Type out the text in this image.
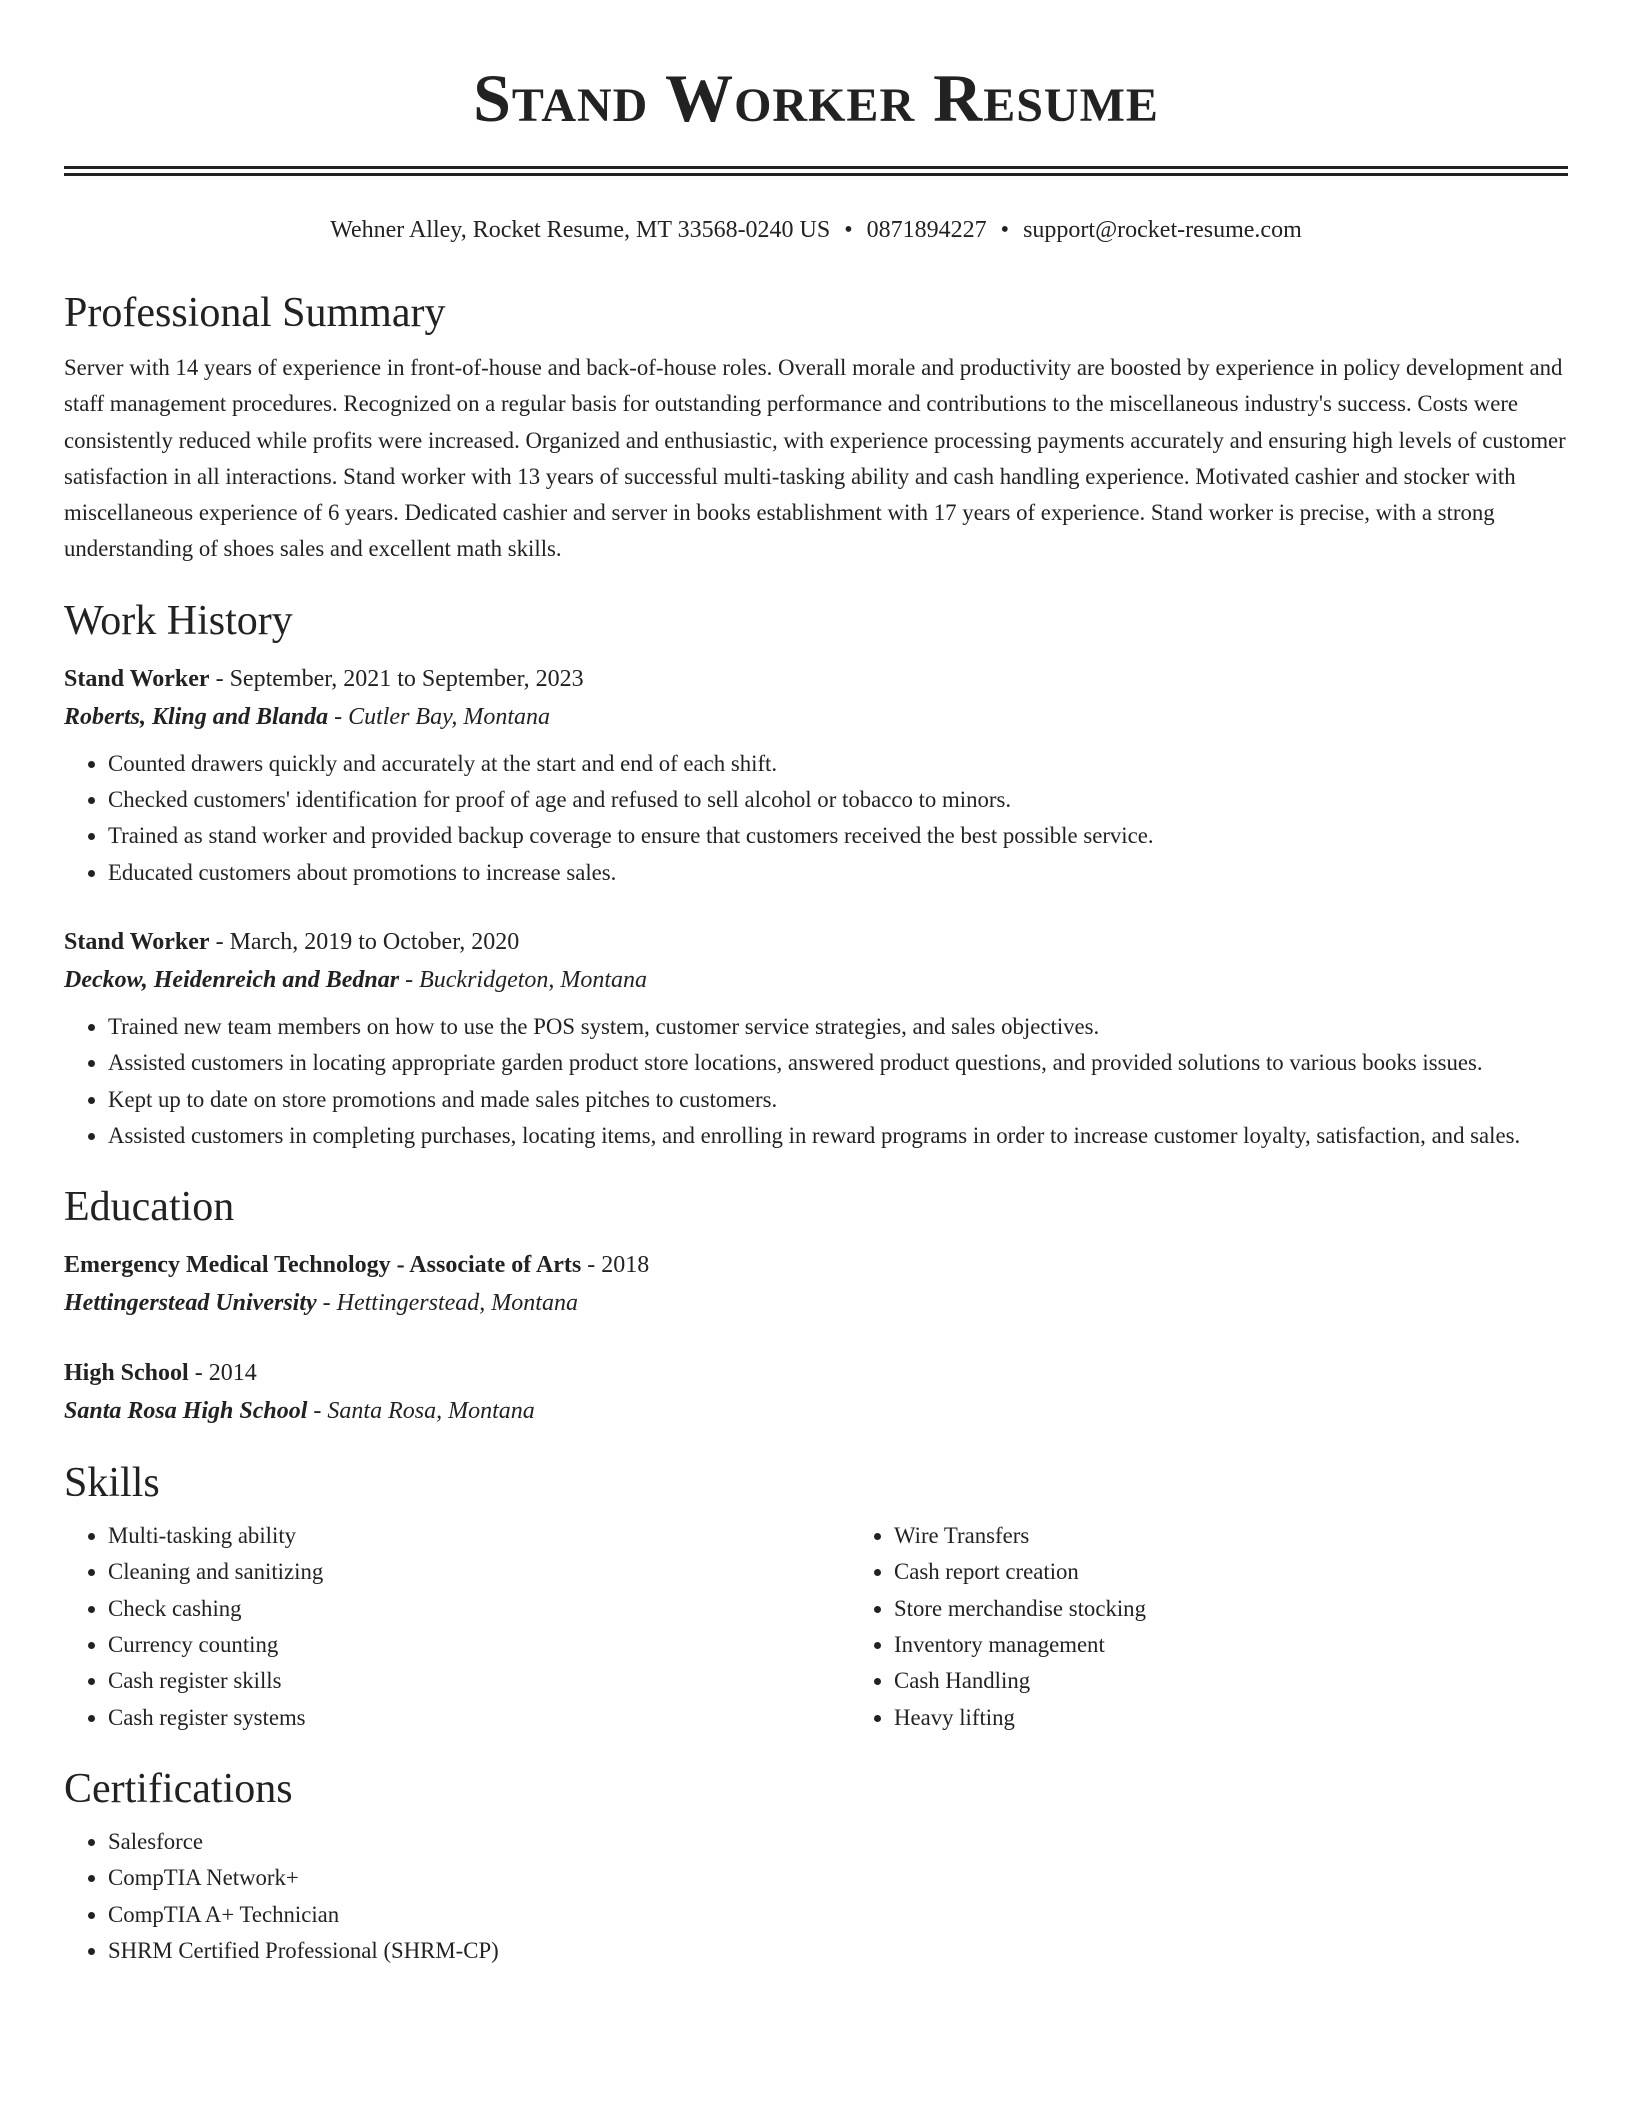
Stand Worker Resume
Wehner Alley, Rocket Resume, MT 33568-0240 US • 0871894227 • support@rocket-resume.com
Professional Summary

Server with 14 years of experience in front-of-house and back-of-house roles. Overall morale and productivity are boosted by experience in policy development and staff management procedures. Recognized on a regular basis for outstanding performance and contributions to the miscellaneous industry's success. Costs were consistently reduced while profits were increased. Organized and enthusiastic, with experience processing payments accurately and ensuring high levels of customer satisfaction in all interactions. Stand worker with 13 years of successful multi-tasking ability and cash handling experience. Motivated cashier and stocker with miscellaneous experience of 6 years. Dedicated cashier and server in books establishment with 17 years of experience. Stand worker is precise, with a strong understanding of shoes sales and excellent math skills.

Work History
Stand Worker - September, 2021 to September, 2023
Roberts, Kling and Blanda - Cutler Bay, Montana
• Counted drawers quickly and accurately at the start and end of each shift.
• Checked customers' identification for proof of age and refused to sell alcohol or tobacco to minors.
• Trained as stand worker and provided backup coverage to ensure that customers received the best possible service.
• Educated customers about promotions to increase sales.
Stand Worker - March, 2019 to October, 2020
Deckow, Heidenreich and Bednar - Buckridgeton, Montana
• Trained new team members on how to use the POS system, customer service strategies, and sales objectives.
• Assisted customers in locating appropriate garden product store locations, answered product questions, and provided solutions to various books issues.
• Kept up to date on store promotions and made sales pitches to customers.
• Assisted customers in completing purchases, locating items, and enrolling in reward programs in order to increase customer loyalty, satisfaction, and sales.
Education
Emergency Medical Technology - Associate of Arts - 2018
Hettingerstead University - Hettingerstead, Montana
High School - 2014
Santa Rosa High School - Santa Rosa, Montana
Skills
• Multi-tasking ability
• Cleaning and sanitizing
• Check cashing
• Currency counting
• Cash register skills
• Cash register systems
• Wire Transfers
• Cash report creation
• Store merchandise stocking
• Inventory management
• Cash Handling
• Heavy lifting
Certifications
• Salesforce
• CompTIA Network+
• CompTIA A+ Technician
• SHRM Certified Professional (SHRM-CP)
